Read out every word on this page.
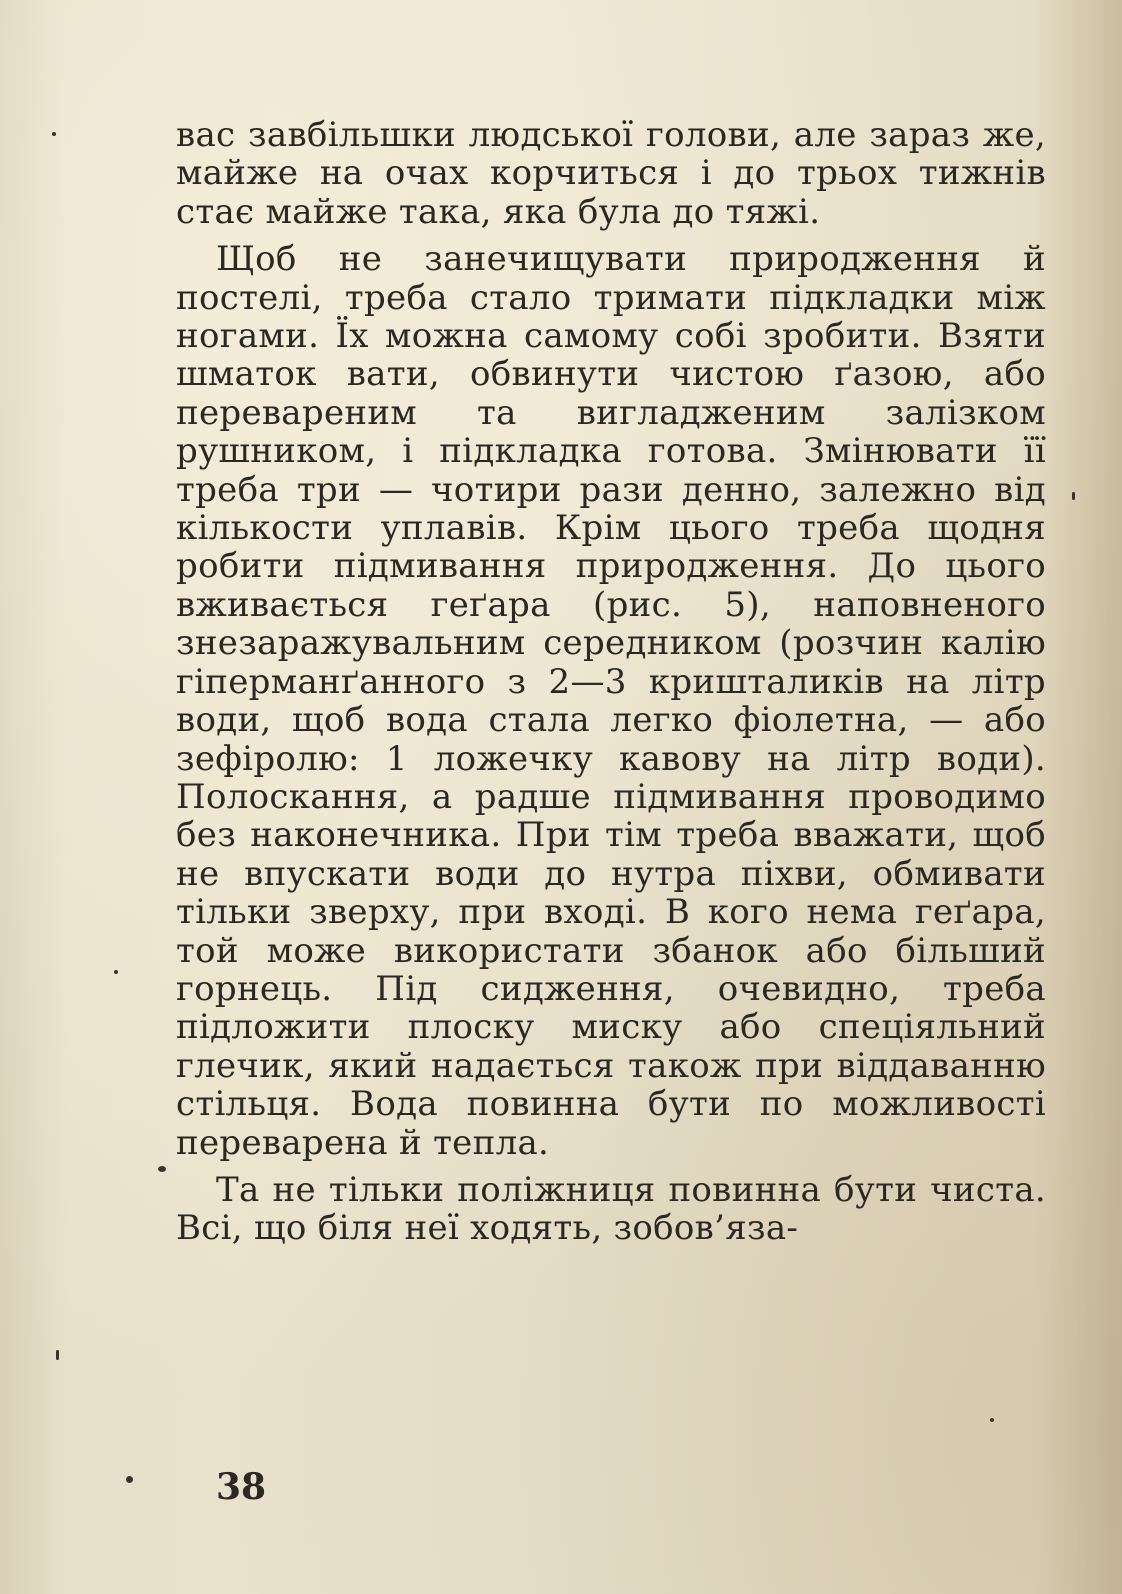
вас завбільшки людської голови, але зараз же, майже на очах корчиться і до трьох тижнів стає майже така, яка була до тяжі.

Щоб не занечищувати природження й постелі, треба стало тримати підкладки між ногами. Їх можна самому собі зробити. Взяти шматок вати, обвинути чистою ґазою, або перевареним та вигладженим залізком рушником, і підкладка готова. Змінювати її треба три — чотири рази денно, залежно від кількости уплавів. Крім цього треба щодня робити підмивання природження. До цього вживається геґара (рис. 5), наповненого знезаражувальним середником (розчин калію гіперманґанного з 2—3 кришталиків на літр води, щоб вода стала легко фіолетна, — або зефіролю: 1 ложечку кавову на літр води). Полоскання, а радше підмивання проводимо без наконечника. При тім треба вважати, щоб не впускати води до нутра піхви, обмивати тільки зверху, при вході. В кого нема геґара, той може використати збанок або більший горнець. Під сидження, очевидно, треба підложити плоску миску або спеціяльний глечик, який надається також при віддаванню стільця. Вода повинна бути по можливості переварена й тепла.

Та не тільки поліжниця повинна бути чиста. Всі, що біля неї ходять, зобов’яза-

38
